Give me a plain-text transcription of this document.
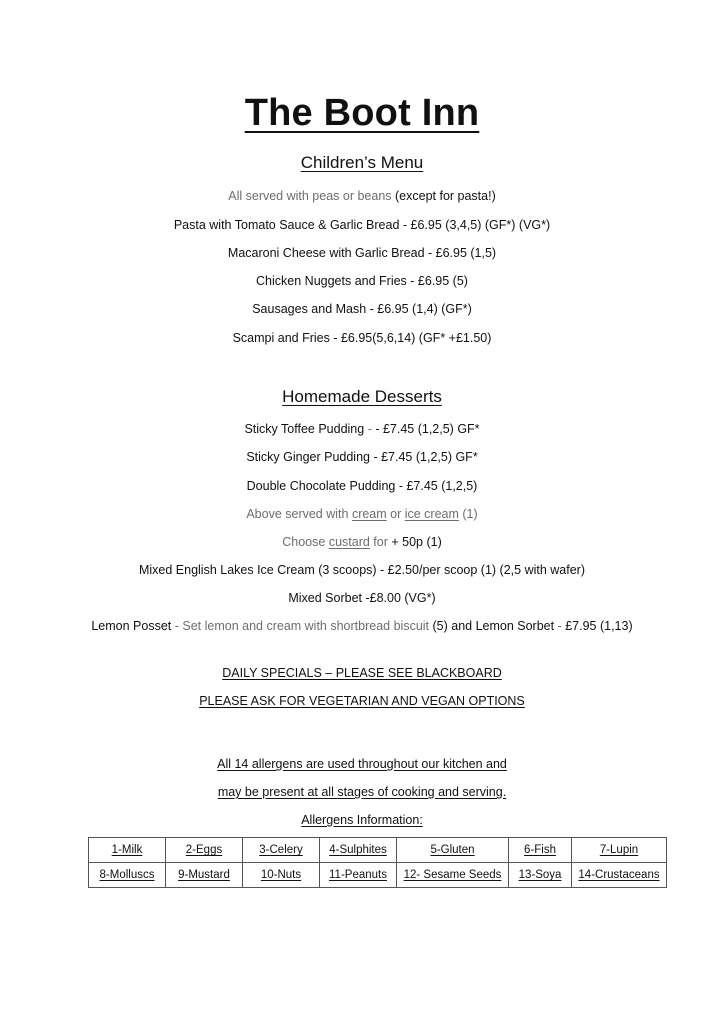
The Boot Inn
Children’s Menu
All served with peas or beans (except for pasta!)
Pasta with Tomato Sauce & Garlic Bread - £6.95 (3,4,5) (GF*) (VG*)
Macaroni Cheese with Garlic Bread - £6.95 (1,5)
Chicken Nuggets and Fries - £6.95 (5)
Sausages and Mash - £6.95 (1,4) (GF*)
Scampi and Fries - £6.95(5,6,14) (GF* +£1.50)
Homemade Desserts
Sticky Toffee Pudding - - £7.45 (1,2,5) GF*
Sticky Ginger Pudding - £7.45 (1,2,5) GF*
Double Chocolate Pudding - £7.45 (1,2,5)
Above served with cream or ice cream (1)
Choose custard for + 50p (1)
Mixed English Lakes Ice Cream (3 scoops) - £2.50/per scoop (1) (2,5 with wafer)
Mixed Sorbet -£8.00 (VG*)
Lemon Posset - Set lemon and cream with shortbread biscuit (5) and Lemon Sorbet - £7.95 (1,13)
DAILY SPECIALS – PLEASE SEE BLACKBOARD
PLEASE ASK FOR VEGETARIAN AND VEGAN OPTIONS
All 14 allergens are used throughout our kitchen and
may be present at all stages of cooking and serving.
Allergens Information:
1-Milk	2-Eggs	3-Celery	4-Sulphites	5-Gluten	6-Fish	7-Lupin
8-Molluscs	9-Mustard	10-Nuts	11-Peanuts	12- Sesame Seeds	13-Soya	14-Crustaceans
